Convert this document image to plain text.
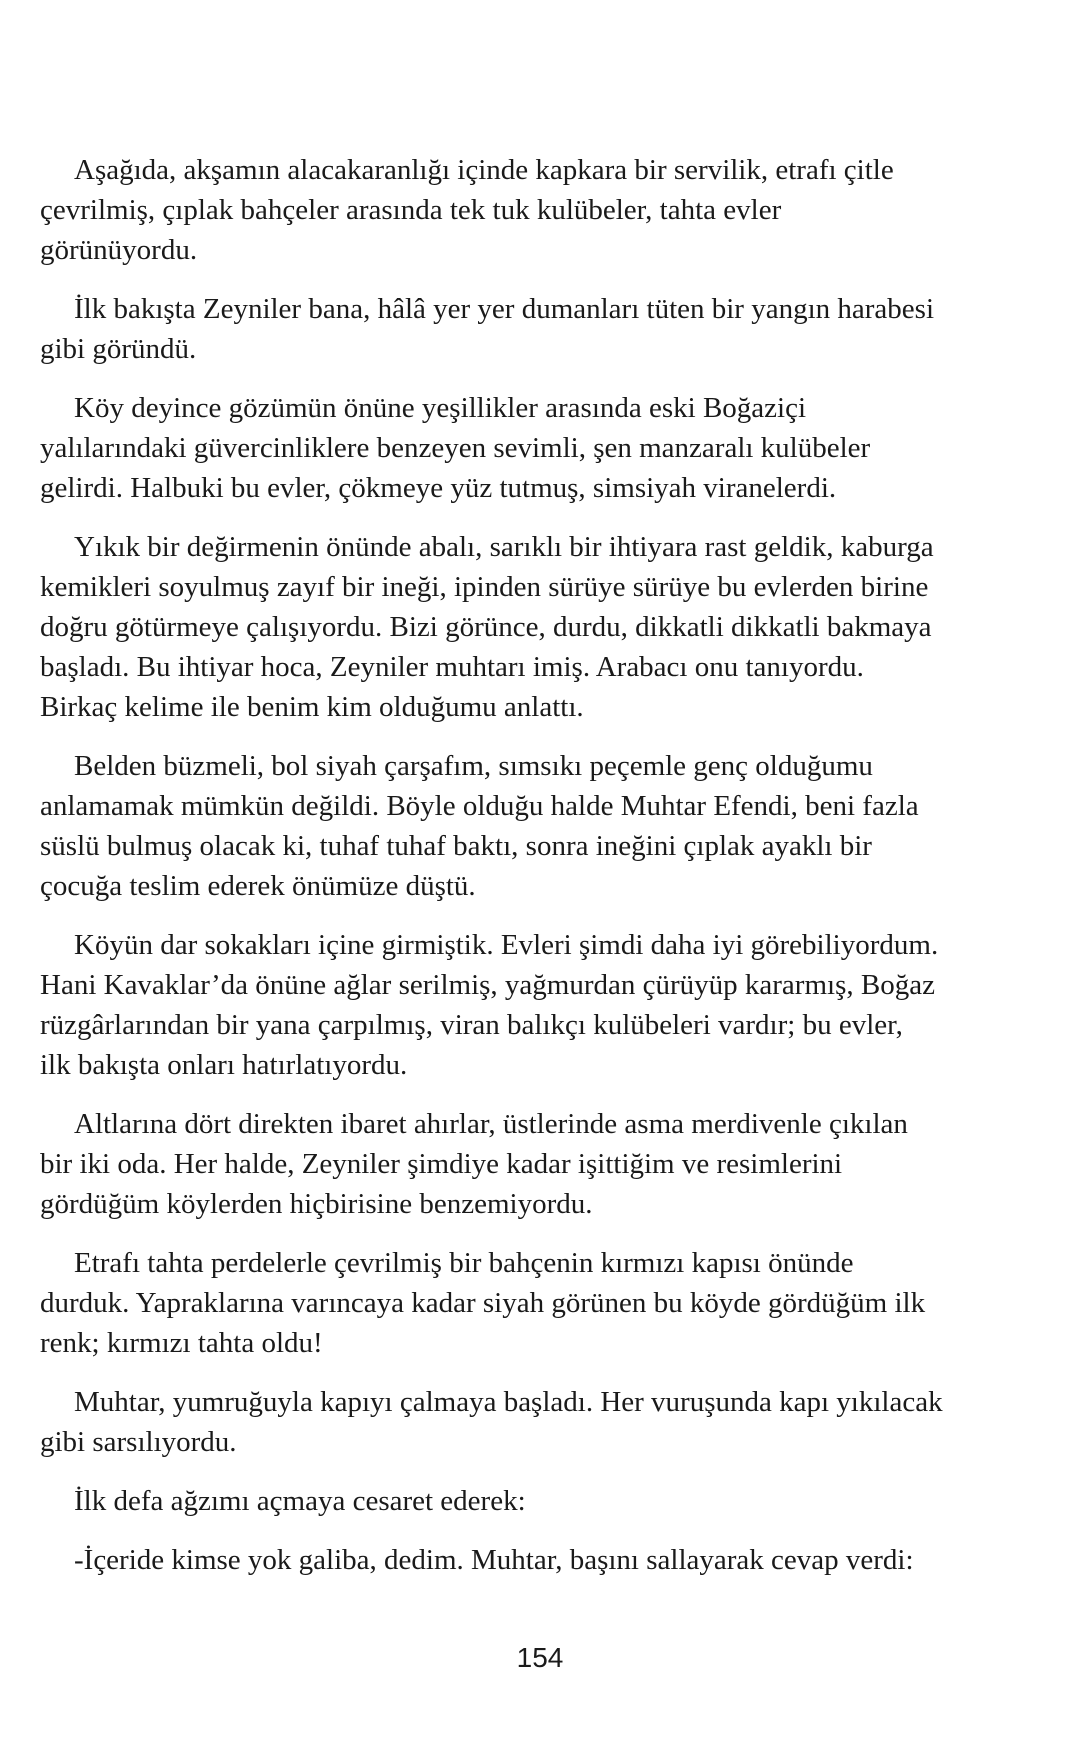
Aşağıda, akşamın alacakaranlığı içinde kapkara bir servilik, etrafı çitle
çevrilmiş, çıplak bahçeler arasında tek tuk kulübeler, tahta evler
görünüyordu.

İlk bakışta Zeyniler bana, hâlâ yer yer dumanları tüten bir yangın harabesi
gibi göründü.

Köy deyince gözümün önüne yeşillikler arasında eski Boğaziçi
yalılarındaki güvercinliklere benzeyen sevimli, şen manzaralı kulübeler
gelirdi. Halbuki bu evler, çökmeye yüz tutmuş, simsiyah viranelerdi.

Yıkık bir değirmenin önünde abalı, sarıklı bir ihtiyara rast geldik, kaburga
kemikleri soyulmuş zayıf bir ineği, ipinden sürüye sürüye bu evlerden birine
doğru götürmeye çalışıyordu. Bizi görünce, durdu, dikkatli dikkatli bakmaya
başladı. Bu ihtiyar hoca, Zeyniler muhtarı imiş. Arabacı onu tanıyordu.
Birkaç kelime ile benim kim olduğumu anlattı.

Belden büzmeli, bol siyah çarşafım, sımsıkı peçemle genç olduğumu
anlamamak mümkün değildi. Böyle olduğu halde Muhtar Efendi, beni fazla
süslü bulmuş olacak ki, tuhaf tuhaf baktı, sonra ineğini çıplak ayaklı bir
çocuğa teslim ederek önümüze düştü.

Köyün dar sokakları içine girmiştik. Evleri şimdi daha iyi görebiliyordum.
Hani Kavaklar’da önüne ağlar serilmiş, yağmurdan çürüyüp kararmış, Boğaz
rüzgârlarından bir yana çarpılmış, viran balıkçı kulübeleri vardır; bu evler,
ilk bakışta onları hatırlatıyordu.

Altlarına dört direkten ibaret ahırlar, üstlerinde asma merdivenle çıkılan
bir iki oda. Her halde, Zeyniler şimdiye kadar işittiğim ve resimlerini
gördüğüm köylerden hiçbirisine benzemiyordu.

Etrafı tahta perdelerle çevrilmiş bir bahçenin kırmızı kapısı önünde
durduk. Yapraklarına varıncaya kadar siyah görünen bu köyde gördüğüm ilk
renk; kırmızı tahta oldu!

Muhtar, yumruğuyla kapıyı çalmaya başladı. Her vuruşunda kapı yıkılacak
gibi sarsılıyordu.

İlk defa ağzımı açmaya cesaret ederek:

-İçeride kimse yok galiba, dedim. Muhtar, başını sallayarak cevap verdi:

154
